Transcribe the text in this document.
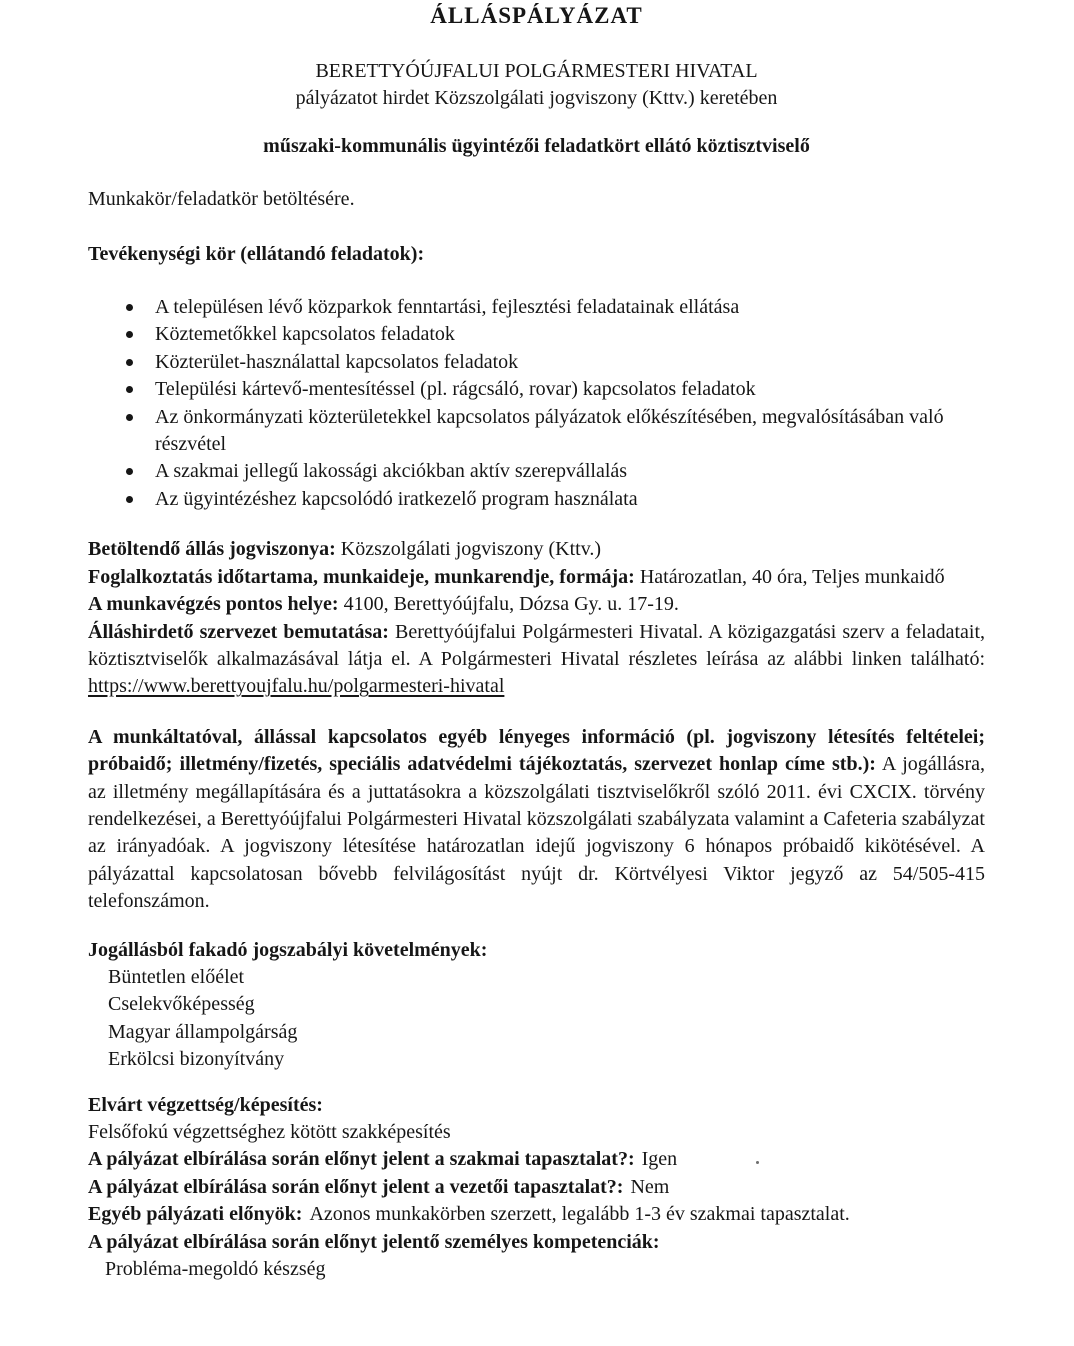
ÁLLÁSPÁLYÁZAT

BERETTYÓÚJFALUI POLGÁRMESTERI HIVATAL

pályázatot hirdet Közszolgálati jogviszony (Kttv.) keretében

műszaki-kommunális ügyintézői feladatkört ellátó köztisztviselő

Munkakör/feladatkör betöltésére.

Tevékenységi kör (ellátandó feladatok):
A településen lévő közparkok fenntartási, fejlesztési feladatainak ellátása
Köztemetőkkel kapcsolatos feladatok
Közterület-használattal kapcsolatos feladatok
Települési kártevő-mentesítéssel (pl. rágcsáló, rovar) kapcsolatos feladatok
Az önkormányzati közterületekkel kapcsolatos pályázatok előkészítésében, megvalósításában való részvétel
A szakmai jellegű lakossági akciókban aktív szerepvállalás
Az ügyintézéshez kapcsolódó iratkezelő program használata

Betöltendő állás jogviszonya: Közszolgálati jogviszony (Kttv.)

Foglalkoztatás időtartama, munkaideje, munkarendje, formája: Határozatlan, 40 óra, Teljes munkaidő

A munkavégzés pontos helye: 4100, Berettyóújfalu, Dózsa Gy. u. 17-19.

Álláshirdető szervezet bemutatása: Berettyóújfalui Polgármesteri Hivatal. A közigazgatási szerv a feladatait, köztisztviselők alkalmazásával látja el. A Polgármesteri Hivatal részletes leírása az alábbi linken található: https://www.berettyoujfalu.hu/polgarmesteri-hivatal

A munkáltatóval, állással kapcsolatos egyéb lényeges információ (pl. jogviszony létesítés feltételei; próbaidő; illetmény/fizetés, speciális adatvédelmi tájékoztatás, szervezet honlap címe stb.): A jogállásra, az illetmény megállapítására és a juttatásokra a közszolgálati tisztviselőkről szóló 2011. évi CXCIX. törvény rendelkezései, a Berettyóújfalui Polgármesteri Hivatal közszolgálati szabályzata valamint a Cafeteria szabályzat az irányadóak. A jogviszony létesítése határozatlan idejű jogviszony 6 hónapos próbaidő kikötésével. A pályázattal kapcsolatosan bővebb felvilágosítást nyújt dr. Körtvélyesi Viktor jegyző az 54/505-415 telefonszámon.

Jogállásból fakadó jogszabályi követelmények:

Büntetlen előélet

Cselekvőképesség

Magyar állampolgárság

Erkölcsi bizonyítvány

Elvárt végzettség/képesítés:

Felsőfokú végzettséghez kötött szakképesítés

A pályázat elbírálása során előnyt jelent a szakmai tapasztalat?: Igen

A pályázat elbírálása során előnyt jelent a vezetői tapasztalat?: Nem

Egyéb pályázati előnyök: Azonos munkakörben szerzett, legalább 1-3 év szakmai tapasztalat.

A pályázat elbírálása során előnyt jelentő személyes kompetenciák:

Probléma-megoldó készség
